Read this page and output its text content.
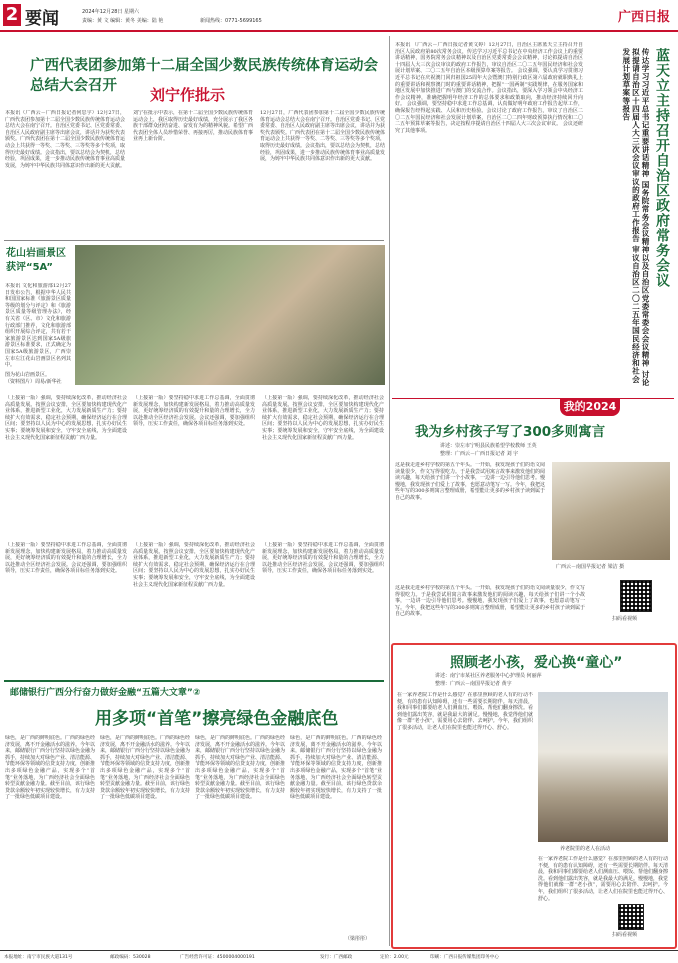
2 要闻	2024年12月28日 星期六
责编：黄 文 编辑：黄冬 美编：陆 艳	新闻热线：0771-5699165	广西日报
广西代表团参加第十二届全国少数民族传统体育运动会总结大会召开	刘宁作批示
本报讯（广西云－广西日报记者何思宇）12月27日，广西代表团参加第十二届全国少数民族传统体育运动会总结大会在南宁召开。自治区党委书记、区党委常委、自治区人民政府副主席等出席会议，讲话并为获奖代表颁奖。广西代表团在第十二届全国少数民族传统体育运动会上共获得一等奖、二等奖、三等奖等多个奖项，取得历史最好成绩。会议指出，要以总结会为契机，总结经验，巩固成果，进一步推动民族传统体育事业高质量发展，为铸牢中华民族共同体意识作出新的更大贡献。
刘宁在批示中表示，在第十二届全国少数民族传统体育运动会上，我区取得历史最好成绩，充分展示了我区各族干部群众团结奋进、奋发有为的精神风貌。希望广西代表团全体人员珍惜荣誉、再接再厉，推动民族体育事业再上新台阶。
12月27日，广西代表团参加第十二届全国少数民族传统体育运动会总结大会在南宁召开。自治区党委书记、区党委常委、自治区人民政府副主席等出席会议，讲话并为获奖代表颁奖。广西代表团在第十二届全国少数民族传统体育运动会上共获得一等奖、二等奖、三等奖等多个奖项，取得历史最好成绩。会议指出，要以总结会为契机，总结经验，巩固成果，进一步推动民族传统体育事业高质量发展，为铸牢中华民族共同体意识作出新的更大贡献。
花山岩画景区获评“5A”
本报讯 文化和旅游部12月27日发布公告，根据中华人民共和国国家标准《旅游景区质量等级的划分与评定》和《旅游景区质量等级管理办法》，经有关省（区、市）文化和旅游行政部门推荐，文化和旅游部组织开展综合评定，共有若干家旅游景区达到国家5A级旅游景区标准要求，正式确定为国家5A级旅游景区，广西崇左市左江花山岩画景区名列其中。
图为花山岩画景区。
（资料图片）周易/新华社
（上接第一版）强调，要持续深化改革，推动经济社会高质量发展。按照会议安排，全区要加快构建现代化产业体系，推进新型工业化，大力发展新质生产力；要持续扩大有效需求，稳定社会预期，确保经济运行在合理区间；要坚持以人民为中心的发展思想，扎实办好民生实事；要统筹发展和安全，守牢安全底线，为全面建设社会主义现代化国家新征程贡献广西力量。
（上接第一版）要坚持稳中求进工作总基调，全面贯彻新发展理念，加快构建新发展格局，着力推动高质量发展，更好统筹经济质的有效提升和量的合理增长，全力以赴推动全区经济社会发展。会议还强调，要加强组织领导，压实工作责任，确保各项目标任务落到实处。
（上接第一版）强调，要持续深化改革，推动经济社会高质量发展。按照会议安排，全区要加快构建现代化产业体系，推进新型工业化，大力发展新质生产力；要持续扩大有效需求，稳定社会预期，确保经济运行在合理区间；要坚持以人民为中心的发展思想，扎实办好民生实事；要统筹发展和安全，守牢安全底线，为全面建设社会主义现代化国家新征程贡献广西力量。
（上接第一版）要坚持稳中求进工作总基调，全面贯彻新发展理念，加快构建新发展格局，着力推动高质量发展，更好统筹经济质的有效提升和量的合理增长，全力以赴推动全区经济社会发展。会议还强调，要加强组织领导，压实工作责任，确保各项目标任务落到实处。
（上接第一版）强调，要持续深化改革，推动经济社会高质量发展。按照会议安排，全区要加快构建现代化产业体系，推进新型工业化，大力发展新质生产力；要持续扩大有效需求，稳定社会预期，确保经济运行在合理区间；要坚持以人民为中心的发展思想，扎实办好民生实事；要统筹发展和安全，守牢安全底线，为全面建设社会主义现代化国家新征程贡献广西力量。
（上接第一版）要坚持稳中求进工作总基调，全面贯彻新发展理念，加快构建新发展格局，着力推动高质量发展，更好统筹经济质的有效提升和量的合理增长，全力以赴推动全区经济社会发展。会议还强调，要加强组织领导，压实工作责任，确保各项目标任务落到实处。
邮储银行广西分行奋力做好金融“五篇大文章”②
用多项“首笔”擦亮绿色金融底色
绿色，是广西的鲜明底色。广西的绿色经济发展，离不开金融活水的滋养。今年以来，邮储银行广西分行坚持以绿色金融为抓手，持续加大对绿色产业、清洁能源、节能环保等领域的信贷支持力度，创新推出多项绿色金融产品，实现多个“首笔”业务落地，为广西经济社会全面绿色转型贡献金融力量。截至目前，该行绿色贷款余额较年初实现较快增长，有力支持了一批绿色低碳项目建设。
绿色，是广西的鲜明底色。广西的绿色经济发展，离不开金融活水的滋养。今年以来，邮储银行广西分行坚持以绿色金融为抓手，持续加大对绿色产业、清洁能源、节能环保等领域的信贷支持力度，创新推出多项绿色金融产品，实现多个“首笔”业务落地，为广西经济社会全面绿色转型贡献金融力量。截至目前，该行绿色贷款余额较年初实现较快增长，有力支持了一批绿色低碳项目建设。
绿色，是广西的鲜明底色。广西的绿色经济发展，离不开金融活水的滋养。今年以来，邮储银行广西分行坚持以绿色金融为抓手，持续加大对绿色产业、清洁能源、节能环保等领域的信贷支持力度，创新推出多项绿色金融产品，实现多个“首笔”业务落地，为广西经济社会全面绿色转型贡献金融力量。截至目前，该行绿色贷款余额较年初实现较快增长，有力支持了一批绿色低碳项目建设。
绿色，是广西的鲜明底色。广西的绿色经济发展，离不开金融活水的滋养。今年以来，邮储银行广西分行坚持以绿色金融为抓手，持续加大对绿色产业、清洁能源、节能环保等领域的信贷支持力度，创新推出多项绿色金融产品，实现多个“首笔”业务落地，为广西经济社会全面绿色转型贡献金融力量。截至目前，该行绿色贷款余额较年初实现较快增长，有力支持了一批绿色低碳项目建设。
（梁彤彤）
本报讯 （广西云－广西日报记者黄文婷）12月27日，自治区主席蓝天立主持召开自治区人民政府第80次常务会议，传达学习习近平总书记在中央经济工作会议上的重要讲话精神，国务院常务会议精神以及自治区党委常委会会议精神，讨论拟提请自治区十四届人大三次会议审议的政府工作报告，审议自治区二〇二五年国民经济和社会发展计划草案、二〇二五年自治区本级预算草案等报告。 会议强调，要认真学习贯彻习近平总书记在庆祝澳门回归祖国25周年大会暨澳门特别行政区第六届政府就职典礼上的重要讲话和视察澳门时的重要讲话精神，把握“一国两制”实践规律，在服务国家和地区发展中加快推进广西与澳门的交流合作。会议指出，要深入学习领会中央经济工作会议精神，准确把握明年经济工作的总体要求和政策取向，推动经济持续回升向好。 会议强调，要坚持稳中求进工作总基调，认真做好明年政府工作报告起草工作，确保报告经得起实践、人民和历史检验。会议讨论了政府工作报告，审议了自治区二〇二五年国民经济和社会发展计划草案，自治区二〇二四年财政预算执行情况和二〇二五年预算草案等报告，决定按程序提请自治区十四届人大三次会议审议。 会议还研究了其他事项。	蓝天立主持召开自治区政府常务会议
传达学习习近平总书记重要讲话精神 国务院常务会议精神以及自治区党委常委会会议精神 讨论拟提请自治区十四届人大三次会议审议的政府工作报告 审议自治区二〇二五年国民经济和社会发展计划草案等报告
我的2024
我为乡村孩子写了300多则寓言
讲述：崇左市宁明县民族希望学校教师 王英
整理：广西云－广西日报记者 刘 宇
这是我走进乡村学校的第五个年头。一开始，我发现孩子们的语文阅读量很少，作文写得很吃力。于是我尝试用寓言故事来激发他们的阅读兴趣，每天给孩子们讲一个小故事，一边讲一边引导他们思考。慢慢地，我发现孩子们爱上了故事，也愿意动笔写一写。今年，我把这些年写的300多则寓言整理成册，希望能让更多的乡村孩子读到属于自己的故事。
广西云－南国早报记者 梁洁 摄
这是我走进乡村学校的第五个年头。一开始，我发现孩子们的语文阅读量很少，作文写得很吃力。于是我尝试用寓言故事来激发他们的阅读兴趣，每天给孩子们讲一个小故事，一边讲一边引导他们思考。慢慢地，我发现孩子们爱上了故事，也愿意动笔写一写。今年，我把这些年写的300多则寓言整理成册，希望能让更多的乡村孩子读到属于自己的故事。
扫码看视频
照顾老小孩，爱心换“童心”
讲述：南宁市某社区养老服务中心护理员 何丽萍
整理：广西云－南国早报记者 黄宇
在一家养老院工作是什么感觉？在那里照顾的老人有的行动不便，有的患有认知障碍，还有一些需要长期陪伴。每天清晨，我和同事们都要给老人们测血压、喂饭、帮他们翻身擦洗。看到他们露出笑容，就是我最大的满足。慢慢地，我觉得他们就像一群“老小孩”，需要用心去陪伴、去呵护。今年，我们组织了很多活动，让老人们在院里也能过得开心、舒心。
养老院里的老人在活动
在一家养老院工作是什么感觉？在那里照顾的老人有的行动不便，有的患有认知障碍，还有一些需要长期陪伴。每天清晨，我和同事们都要给老人们测血压、喂饭、帮他们翻身擦洗。看到他们露出笑容，就是我最大的满足。慢慢地，我觉得他们就像一群“老小孩”，需要用心去陪伴、去呵护。今年，我们组织了很多活动，让老人们在院里也能过得开心、舒心。
扫码看视频
本报地址：南宁市民族大道131号	邮政编码：530028	广告经营许可证：4500004000191	发行：广西邮政	定价：2.00元	印刷：广西日报传媒集团印务中心
